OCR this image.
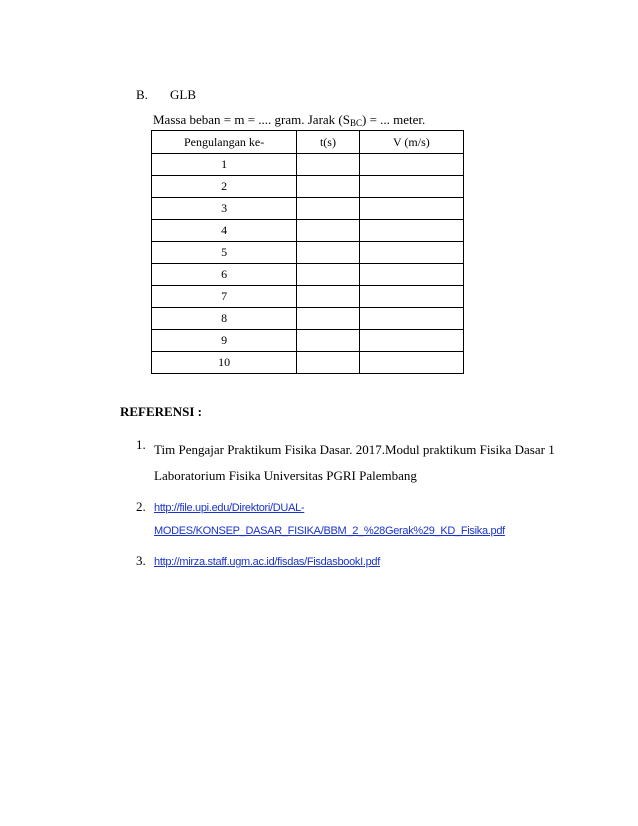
B. GLB
Massa beban = m = .... gram. Jarak $(S_{BC})$ = ... meter.
Pengulangan ke-	t(s)	V (m/s)
1		
2		
3		
4		
5		
6		
7		
8		
9		
10		
REFERENSI :
1. Tim Pengajar Praktikum Fisika Dasar. 2017.Modul praktikum Fisika Dasar 1
Laboratorium Fisika Universitas PGRI Palembang
2. http://file.upi.edu/Direktori/DUAL-
MODES/KONSEP_DASAR_FISIKA/BBM_2_%28Gerak%29_KD_Fisika.pdf
3. http://mirza.staff.ugm.ac.id/fisdas/FisdasbookI.pdf
